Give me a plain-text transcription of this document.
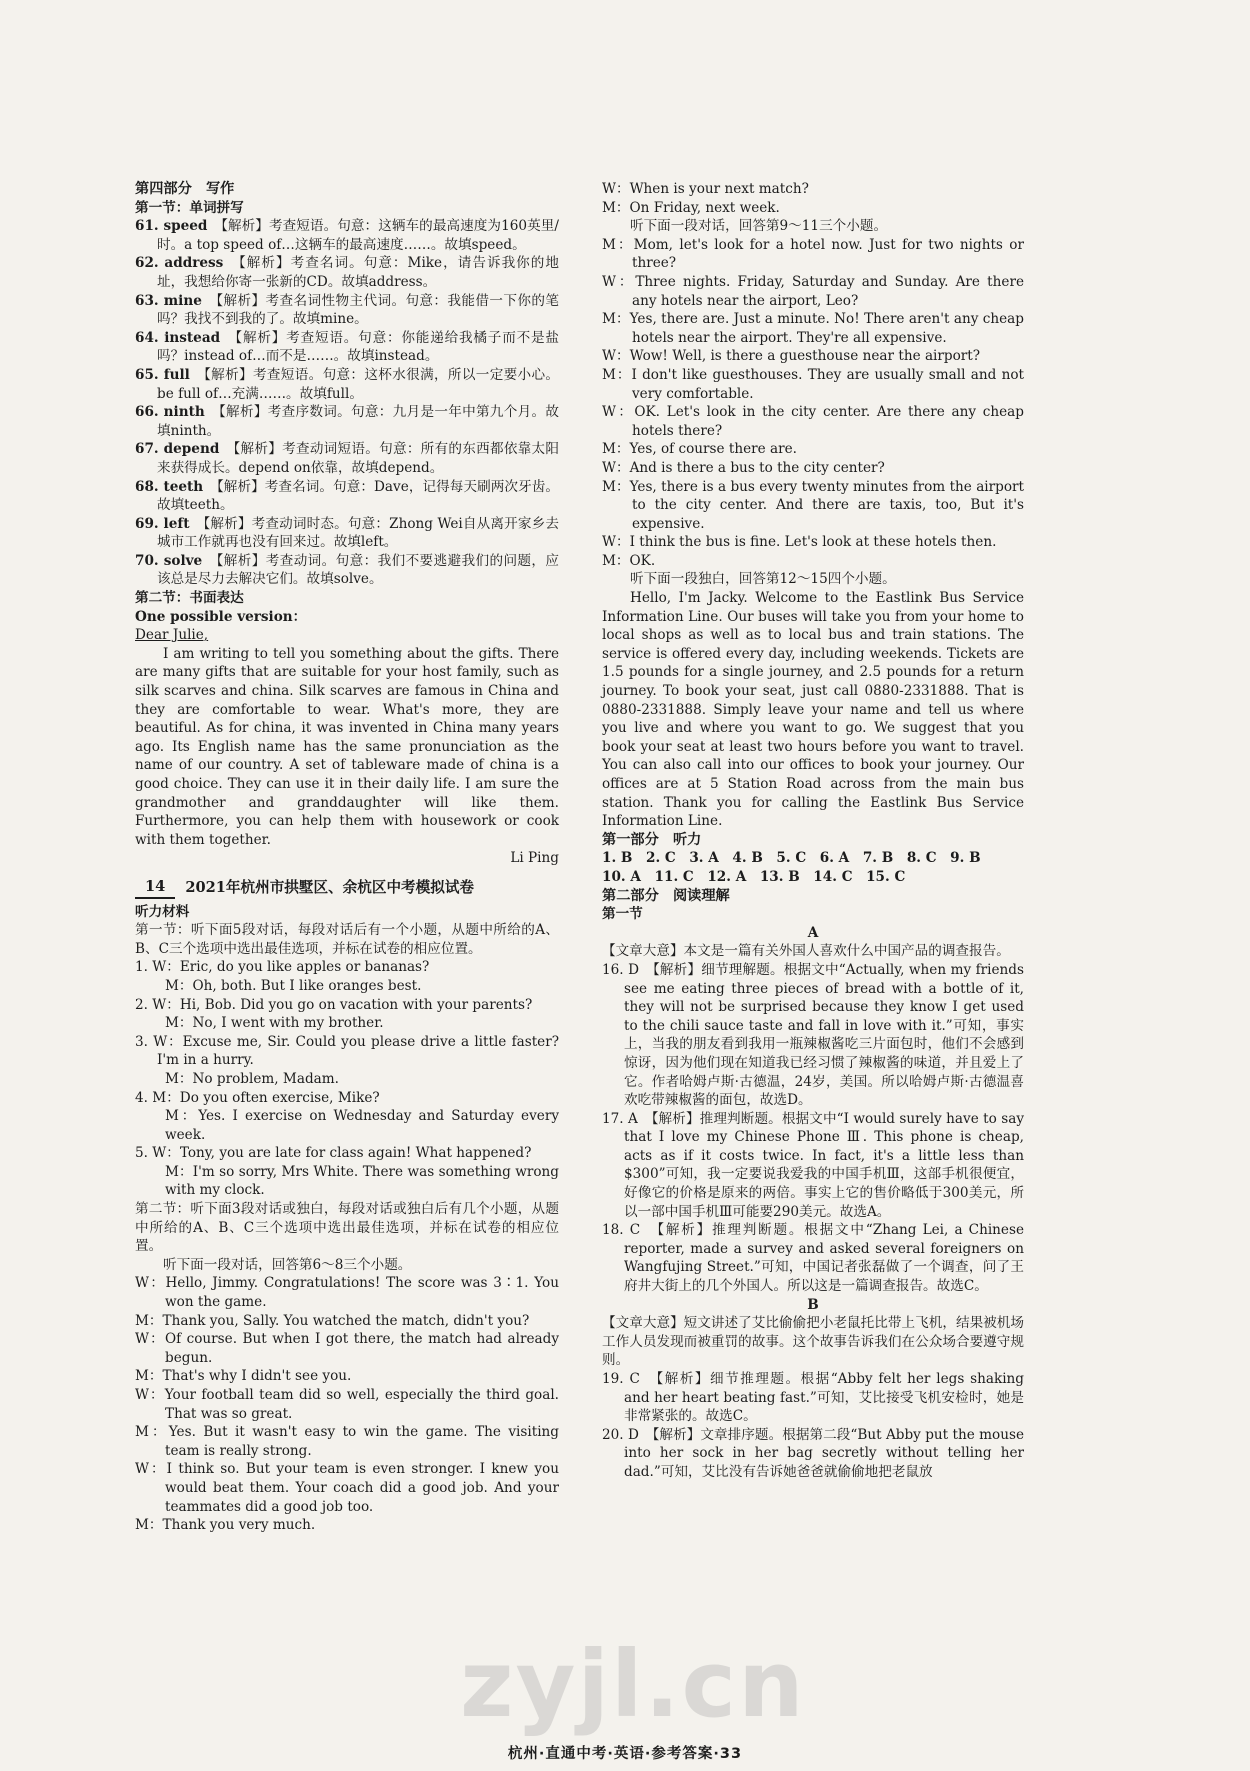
第四部分　写作

第一节：单词拼写

61. speed　 【解析】考查短语。句意：这辆车的最高速度为160英里/时。a top speed of…这辆车的最高速度……。故填speed。

62. address　 【解析】考查名词。句意：Mike，请告诉我你的地址，我想给你寄一张新的CD。故填address。

63. mine　 【解析】考查名词性物主代词。句意：我能借一下你的笔吗？我找不到我的了。故填mine。

64. instead　 【解析】考查短语。句意：你能递给我橘子而不是盐吗？instead of…而不是……。故填instead。

65. full　 【解析】考查短语。句意：这杯水很满，所以一定要小心。be full of…充满……。故填full。

66. ninth　 【解析】考查序数词。句意：九月是一年中第九个月。故填ninth。

67. depend　 【解析】考查动词短语。句意：所有的东西都依靠太阳来获得成长。depend on依靠，故填depend。

68. teeth　 【解析】考查名词。句意：Dave，记得每天刷两次牙齿。故填teeth。

69. left　 【解析】考查动词时态。句意：Zhong Wei自从离开家乡去城市工作就再也没有回来过。故填left。

70. solve　 【解析】考查动词。句意：我们不要逃避我们的问题，应该总是尽力去解决它们。故填solve。

第二节：书面表达

One possible version：

Dear Julie,

I am writing to tell you something about the gifts. There are many gifts that are suitable for your host family, such as silk scarves and china. Silk scarves are famous in China and they are comfortable to wear. What's more, they are beautiful. As for china, it was invented in China many years ago. Its English name has the same pronunciation as the name of our country. A set of tableware made of china is a good choice. They can use it in their daily life. I am sure the grandmother and granddaughter will like them. Furthermore, you can help them with housework or cook with them together.

Li Ping

14	2021年杭州市拱墅区、余杭区中考模拟试卷

听力材料

第一节：听下面5段对话，每段对话后有一个小题，从题中所给的A、B、C三个选项中选出最佳选项，并标在试卷的相应位置。

1. W：Eric, do you like apples or bananas?

M：Oh, both. But I like oranges best.

2. W：Hi, Bob. Did you go on vacation with your parents?

M：No, I went with my brother.

3. W：Excuse me, Sir. Could you please drive a little faster? I'm in a hurry.

M：No problem, Madam.

4. M：Do you often exercise, Mike?

M：Yes. I exercise on Wednesday and Saturday every week.

5. W：Tony, you are late for class again! What happened?

M：I'm so sorry, Mrs White. There was something wrong with my clock.

第二节：听下面3段对话或独白，每段对话或独白后有几个小题，从题中所给的A、B、C三个选项中选出最佳选项，并标在试卷的相应位置。

听下面一段对话，回答第6～8三个小题。

W：Hello, Jimmy. Congratulations! The score was 3∶1. You won the game.

M：Thank you, Sally. You watched the match, didn't you?

W：Of course. But when I got there, the match had already begun.

M：That's why I didn't see you.

W：Your football team did so well, especially the third goal. That was so great.

M：Yes. But it wasn't easy to win the game. The visiting team is really strong.

W：I think so. But your team is even stronger. I knew you would beat them. Your coach did a good job. And your teammates did a good job too.

M：Thank you very much.

W：When is your next match?

M：On Friday, next week.

听下面一段对话，回答第9～11三个小题。

M：Mom, let's look for a hotel now. Just for two nights or three?

W：Three nights. Friday, Saturday and Sunday. Are there any hotels near the airport, Leo?

M：Yes, there are. Just a minute. No! There aren't any cheap hotels near the airport. They're all expensive.

W：Wow! Well, is there a guesthouse near the airport?

M：I don't like guesthouses. They are usually small and not very comfortable.

W：OK. Let's look in the city center. Are there any cheap hotels there?

M：Yes, of course there are.

W：And is there a bus to the city center?

M：Yes, there is a bus every twenty minutes from the airport to the city center. And there are taxis, too, But it's expensive.

W：I think the bus is fine. Let's look at these hotels then.

M：OK.

听下面一段独白，回答第12～15四个小题。

Hello, I'm Jacky. Welcome to the Eastlink Bus Service Information Line. Our buses will take you from your home to local shops as well as to local bus and train stations. The service is offered every day, including weekends. Tickets are 1.5 pounds for a single journey, and 2.5 pounds for a return journey. To book your seat, just call 0880-2331888. That is 0880-2331888. Simply leave your name and tell us where you live and where you want to go. We suggest that you book your seat at least two hours before you want to travel. You can also call into our offices to book your journey. Our offices are at 5 Station Road across from the main bus station. Thank you for calling the Eastlink Bus Service Information Line.

第一部分　听力

1. B　2. C　3. A　4. B　5. C　6. A　7. B　8. C　9. B

10. A　11. C　12. A　13. B　14. C　15. C

第二部分　阅读理解

第一节

A

【文章大意】本文是一篇有关外国人喜欢什么中国产品的调查报告。

16. D　【解析】细节理解题。根据文中“Actually, when my friends see me eating three pieces of bread with a bottle of it, they will not be surprised because they know I get used to the chili sauce taste and fall in love with it.”可知，事实上，当我的朋友看到我用一瓶辣椒酱吃三片面包时，他们不会感到惊讶，因为他们现在知道我已经习惯了辣椒酱的味道，并且爱上了它。作者哈姆卢斯·古德温，24岁，美国。所以哈姆卢斯·古德温喜欢吃带辣椒酱的面包，故选D。

17. A　【解析】推理判断题。根据文中“I would surely have to say that I love my Chinese Phone Ⅲ. This phone is cheap, acts as if it costs twice. In fact, it's a little less than $300”可知，我一定要说我爱我的中国手机Ⅲ，这部手机很便宜，好像它的价格是原来的两倍。事实上它的售价略低于300美元，所以一部中国手机Ⅲ可能要290美元。故选A。

18. C　【解析】推理判断题。根据文中“Zhang Lei, a Chinese reporter, made a survey and asked several foreigners on Wangfujing Street.”可知，中国记者张磊做了一个调查，问了王府井大街上的几个外国人。所以这是一篇调查报告。故选C。

B

【文章大意】短文讲述了艾比偷偷把小老鼠托比带上飞机，结果被机场工作人员发现而被重罚的故事。这个故事告诉我们在公众场合要遵守规则。

19. C　【解析】细节推理题。根据“Abby felt her legs shaking and her heart beating fast.”可知，艾比接受飞机安检时，她是非常紧张的。故选C。

20. D　【解析】文章排序题。根据第二段“But Abby put the mouse into her sock in her bag secretly without telling her dad.”可知，艾比没有告诉她爸爸就偷偷地把老鼠放

zyjl.cn
杭州·直通中考·英语·参考答案·33
